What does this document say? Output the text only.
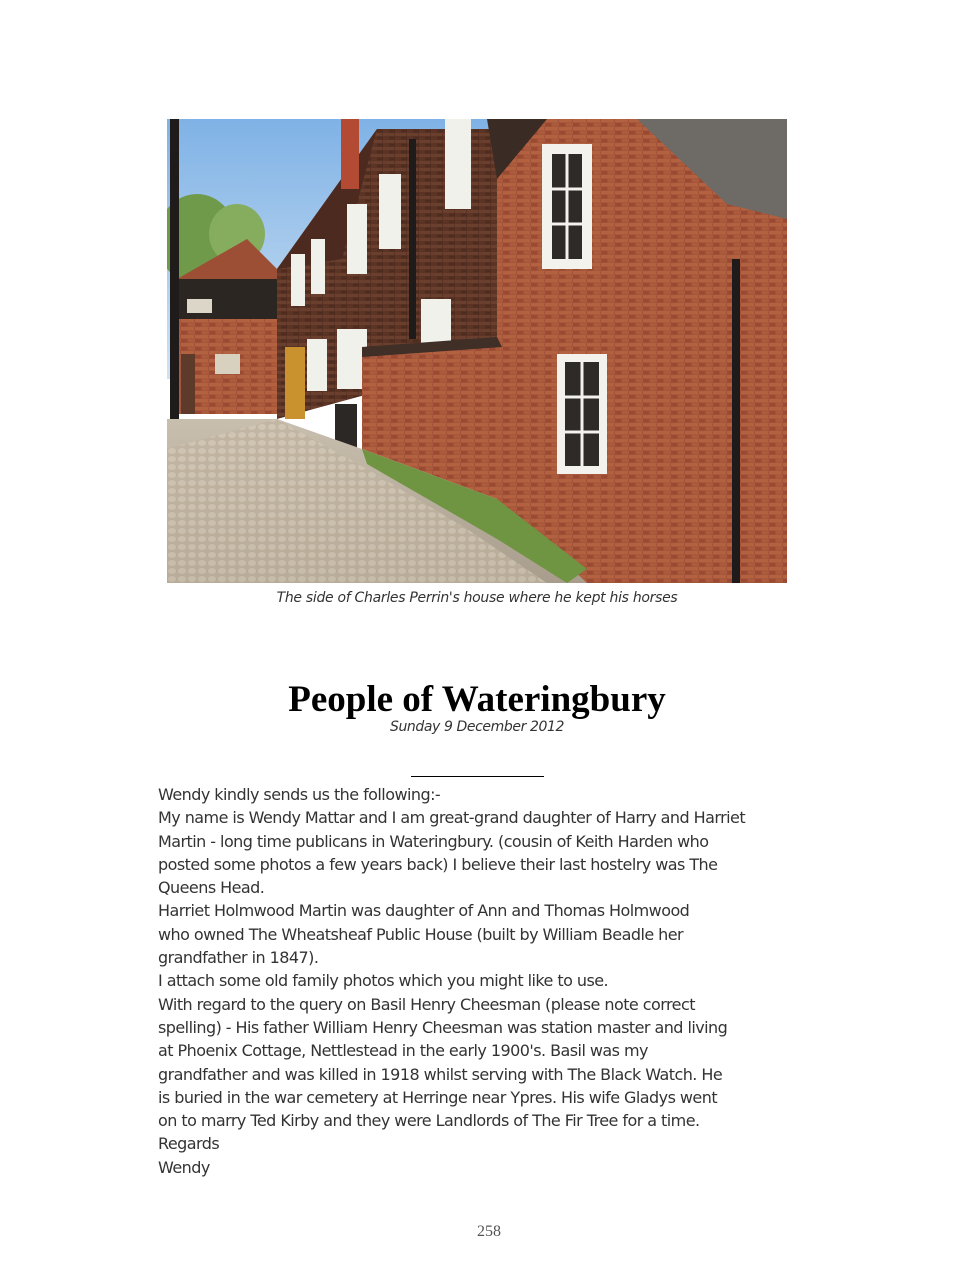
The side of Charles Perrin's house where he kept his horses
People of Wateringbury
Sunday 9 December 2012
Wendy kindly sends us the following:-
My name is Wendy Mattar and I am great-grand daughter of Harry and Harriet
Martin - long time publicans in Wateringbury. (cousin of Keith Harden who
posted some photos a few years back) I believe their last hostelry was The
Queens Head.
Harriet Holmwood Martin was daughter of Ann and Thomas Holmwood
who owned The Wheatsheaf Public House (built by William Beadle her
grandfather in 1847).
I attach some old family photos which you might like to use.
With regard to the query on Basil Henry Cheesman (please note correct
spelling) - His father William Henry Cheesman was station master and living
at Phoenix Cottage, Nettlestead in the early 1900's. Basil was my
grandfather and was killed in 1918 whilst serving with The Black Watch. He
is buried in the war cemetery at Herringe near Ypres. His wife Gladys went
on to marry Ted Kirby and they were Landlords of The Fir Tree for a time.
Regards
Wendy
258
